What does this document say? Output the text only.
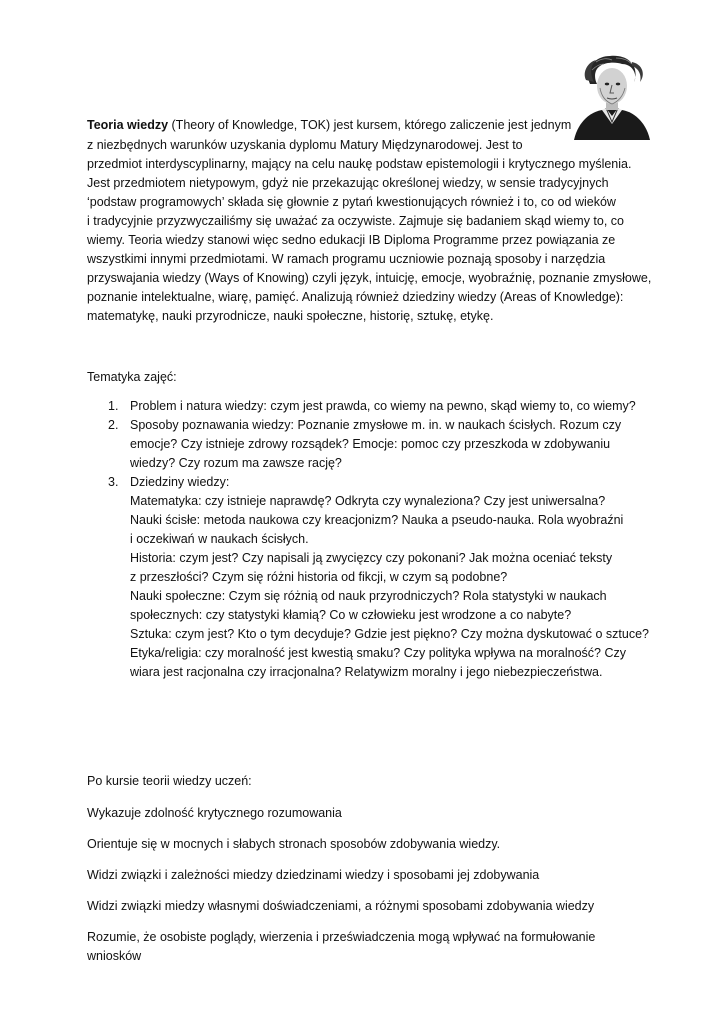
Teoria wiedzy (Theory of Knowledge, TOK) jest kursem, którego zaliczenie jest jednym
z niezbędnych warunków uzyskania dyplomu Matury Międzynarodowej. Jest to
przedmiot interdyscyplinarny, mający na celu naukę podstaw epistemologii i krytycznego myślenia.
Jest przedmiotem nietypowym, gdyż nie przekazując określonej wiedzy, w sensie tradycyjnych
‘podstaw programowych’ składa się głownie z pytań kwestionujących również i to, co od wieków
i tradycyjnie przyzwyczailiśmy się uważać za oczywiste. Zajmuje się badaniem skąd wiemy to, co
wiemy. Teoria wiedzy stanowi więc sedno edukacji IB Diploma Programme przez powiązania ze
wszystkimi innymi przedmiotami. W ramach programu uczniowie poznają sposoby i narzędzia
przyswajania wiedzy (Ways of Knowing) czyli język, intuicję, emocje, wyobraźnię, poznanie zmysłowe,
poznanie intelektualne, wiarę, pamięć. Analizują również dziedziny wiedzy (Areas of Knowledge):
matematykę, nauki przyrodnicze, nauki społeczne, historię, sztukę, etykę.
Tematyka zajęć:
1. Problem i natura wiedzy: czym jest prawda, co wiemy na pewno, skąd wiemy to, co wiemy?
2. Sposoby poznawania wiedzy: Poznanie zmysłowe m. in. w naukach ścisłych. Rozum czy
emocje? Czy istnieje zdrowy rozsądek? Emocje: pomoc czy przeszkoda w zdobywaniu
wiedzy? Czy rozum ma zawsze rację?
3. Dziedziny wiedzy:
Matematyka: czy istnieje naprawdę? Odkryta czy wynaleziona? Czy jest uniwersalna?
Nauki ścisłe: metoda naukowa czy kreacjonizm? Nauka a pseudo-nauka. Rola wyobraźni
i oczekiwań w naukach ścisłych.
Historia: czym jest? Czy napisali ją zwycięzcy czy pokonani? Jak można oceniać teksty
z przeszłości? Czym się różni historia od fikcji, w czym są podobne?
Nauki społeczne: Czym się różnią od nauk przyrodniczych? Rola statystyki w naukach
społecznych: czy statystyki kłamią? Co w człowieku jest wrodzone a co nabyte?
Sztuka: czym jest? Kto o tym decyduje? Gdzie jest piękno? Czy można dyskutować o sztuce?
Etyka/religia: czy moralność jest kwestią smaku? Czy polityka wpływa na moralność? Czy
wiara jest racjonalna czy irracjonalna? Relatywizm moralny i jego niebezpieczeństwa.
Po kursie teorii wiedzy uczeń:
Wykazuje zdolność krytycznego rozumowania
Orientuje się w mocnych i słabych stronach sposobów zdobywania wiedzy.
Widzi związki i zależności miedzy dziedzinami wiedzy i sposobami jej zdobywania
Widzi związki miedzy własnymi doświadczeniami, a różnymi sposobami zdobywania wiedzy
Rozumie, że osobiste poglądy, wierzenia i przeświadczenia mogą wpływać na formułowanie
wniosków
